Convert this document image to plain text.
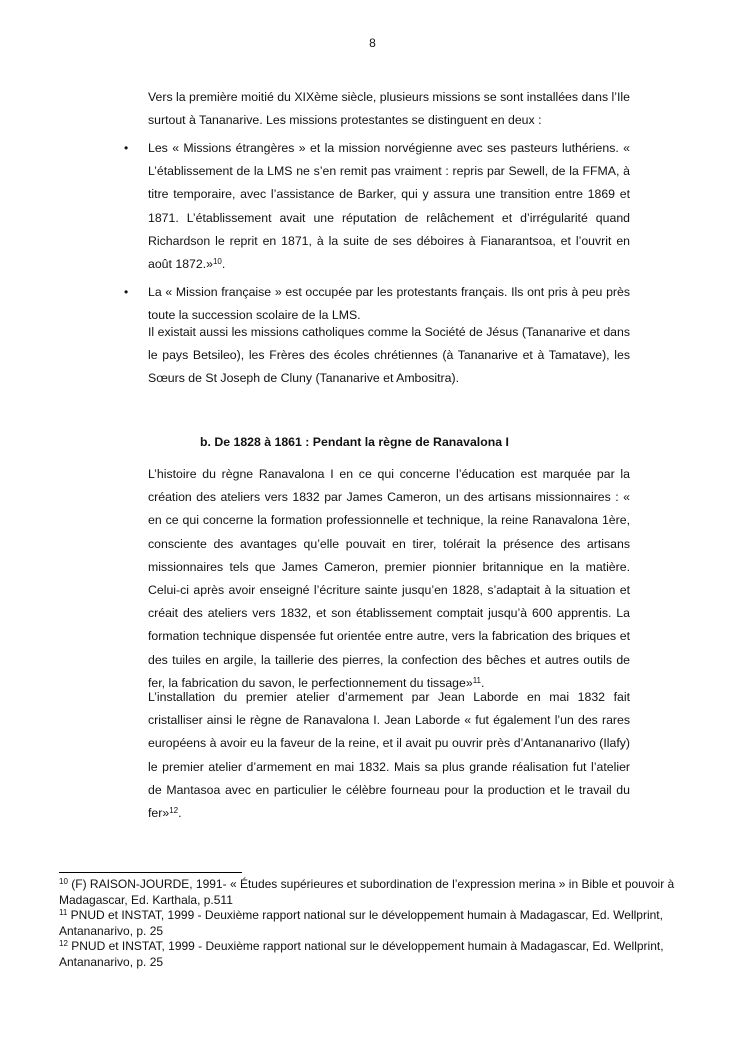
8

Vers la première moitié du XIXème siècle, plusieurs missions se sont installées dans l’Ile surtout à Tananarive. Les missions protestantes se distinguent en deux :

• Les « Missions étrangères » et la mission norvégienne avec ses pasteurs luthériens. « L’établissement de la LMS ne s’en remit pas vraiment : repris par Sewell, de la FFMA, à titre temporaire, avec l’assistance de Barker, qui y assura une transition entre 1869 et 1871. L’établissement avait une réputation de relâchement et d’irrégularité quand Richardson le reprit en 1871, à la suite de ses déboires à Fianarantsoa, et l’ouvrit en août 1872.»$^{10}$.

• La « Mission française » est occupée par les protestants français. Ils ont pris à peu près toute la succession scolaire de la LMS.

Il existait aussi les missions catholiques comme la Société de Jésus (Tananarive et dans le pays Betsileo), les Frères des écoles chrétiennes (à Tananarive et à Tamatave), les Sœurs de St Joseph de Cluny (Tananarive et Ambositra).

b. De 1828 à 1861 : Pendant la règne de Ranavalona I

L’histoire du règne Ranavalona I en ce qui concerne l’éducation est marquée par la création des ateliers vers 1832 par James Cameron, un des artisans missionnaires : « en ce qui concerne la formation professionnelle et technique, la reine Ranavalona 1ère, consciente des avantages qu’elle pouvait en tirer, tolérait la présence des artisans missionnaires tels que James Cameron, premier pionnier britannique en la matière. Celui-ci après avoir enseigné l’écriture sainte jusqu’en 1828, s’adaptait à la situation et créait des ateliers vers 1832, et son établissement comptait jusqu’à 600 apprentis. La formation technique dispensée fut orientée entre autre, vers la fabrication des briques et des tuiles en argile, la taillerie des pierres, la confection des bêches et autres outils de fer, la fabrication du savon, le perfectionnement du tissage»$^{11}$.

L’installation du premier atelier d’armement par Jean Laborde en mai 1832 fait cristalliser ainsi le règne de Ranavalona I. Jean Laborde « fut également l’un des rares européens à avoir eu la faveur de la reine, et il avait pu ouvrir près d’Antananarivo (Ilafy) le premier atelier d’armement en mai 1832. Mais sa plus grande réalisation fut l’atelier de Mantasoa avec en particulier le célèbre fourneau pour la production et le travail du fer»$^{12}$.

$^{10}$ (F) RAISON-JOURDE, 1991- « Études supérieures et subordination de l’expression merina » in Bible et pouvoir à Madagascar, Ed. Karthala, p.511

$^{11}$ PNUD et INSTAT, 1999 - Deuxième rapport national sur le développement humain à Madagascar, Ed. Wellprint, Antananarivo, p. 25

$^{12}$ PNUD et INSTAT, 1999 - Deuxième rapport national sur le développement humain à Madagascar, Ed. Wellprint, Antananarivo, p. 25
